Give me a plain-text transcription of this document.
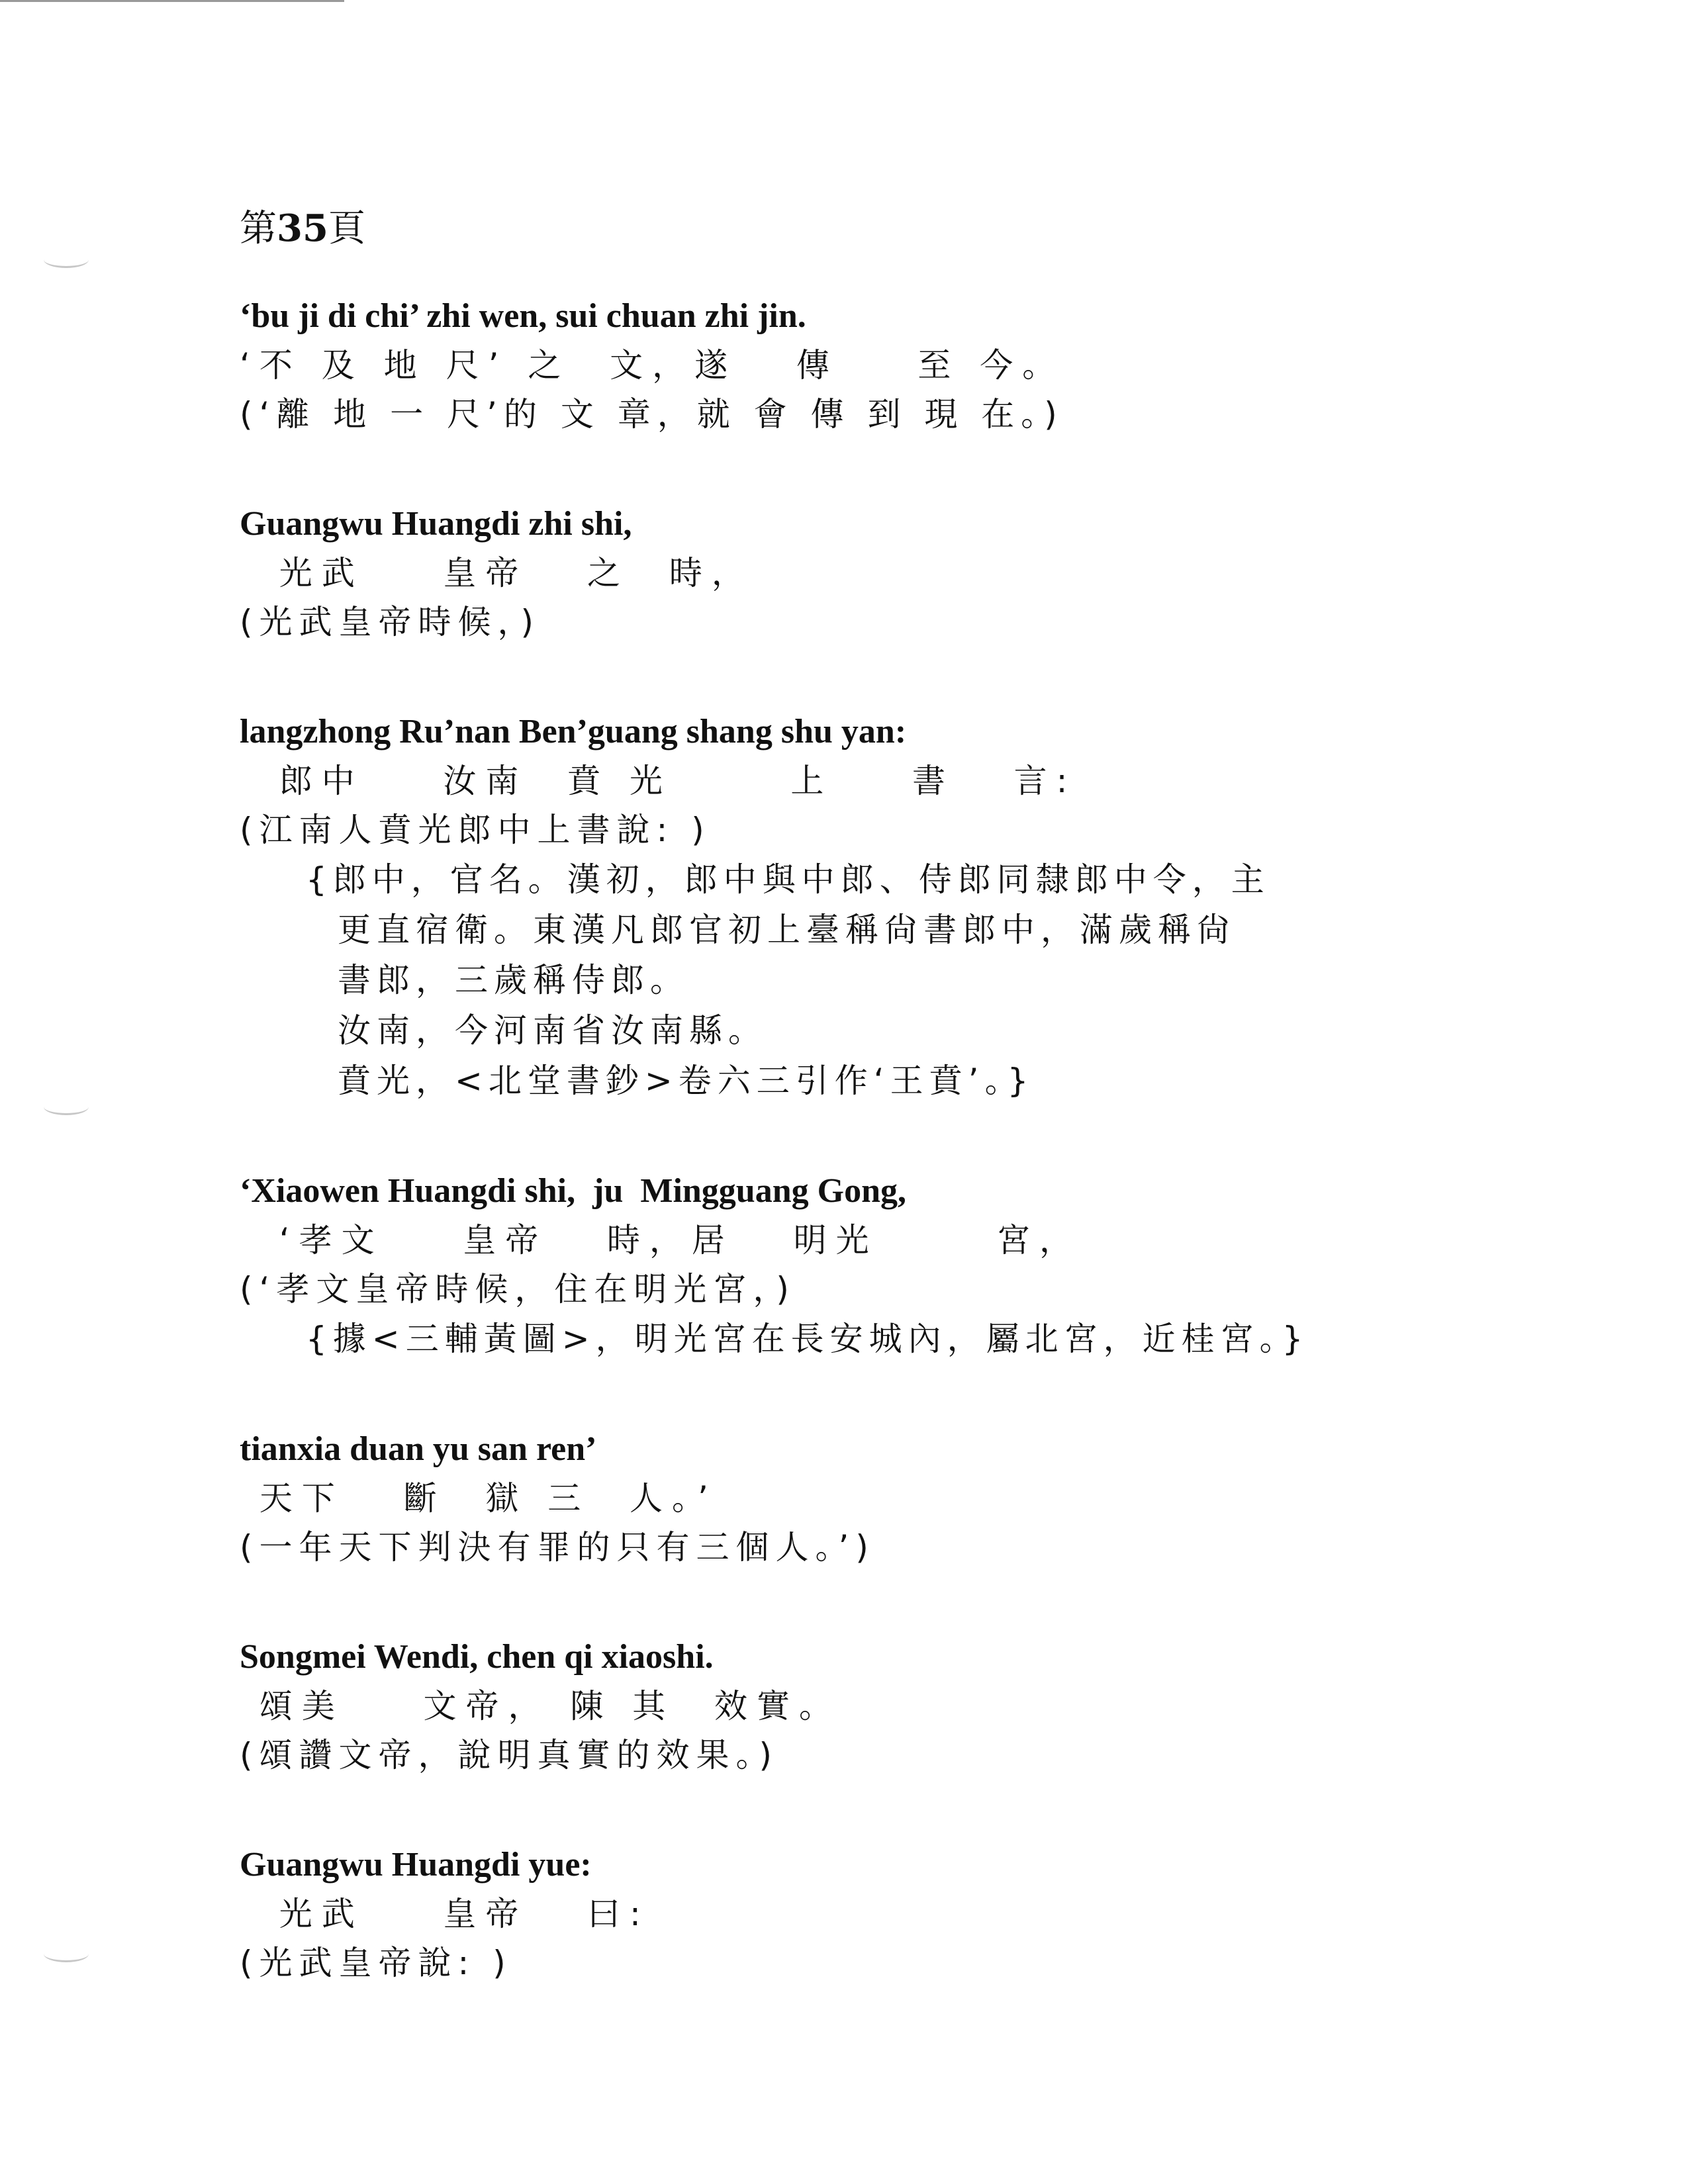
第35頁
‘bu ji di chi’ zhi wen, sui chuan zhi jin.
‘不 及 地 尺’ 之  文，遂   傳    至 今。
(‘離 地 一 尺’的 文 章，就 會 傳 到 現 在。)
Guangwu Huangdi zhi shi,
光武    皇帝   之  時，
(光武皇帝時候，)
langzhong Ru’nan Ben’guang shang shu yan:
郎中    汝南  賁 光      上    書   言:
(江南人賁光郎中上書說: )
{郎中，官名。漢初，郎中與中郎、侍郎同隸郎中令，主
更直宿衛。東漢凡郎官初上臺稱尙書郎中，滿歲稱尙
書郎，三歲稱侍郎。
汝南，今河南省汝南縣。
賁光，<北堂書鈔>卷六三引作‘王賁’。}
‘Xiaowen Huangdi shi,  ju  Mingguang Gong,
‘孝文    皇帝   時，居   明光      宮，
(‘孝文皇帝時候，住在明光宮，)
{據<三輔黃圖>，明光宮在長安城內，屬北宮，近桂宮。}
tianxia duan yu san ren’
天下   斷  獄 三  人。’
(一年天下判決有罪的只有三個人。’)
Songmei Wendi, chen qi xiaoshi.
頌美    文帝， 陳 其  效實。
(頌讚文帝，說明真實的效果。)
Guangwu Huangdi yue:
光武    皇帝   曰:
(光武皇帝說: )
